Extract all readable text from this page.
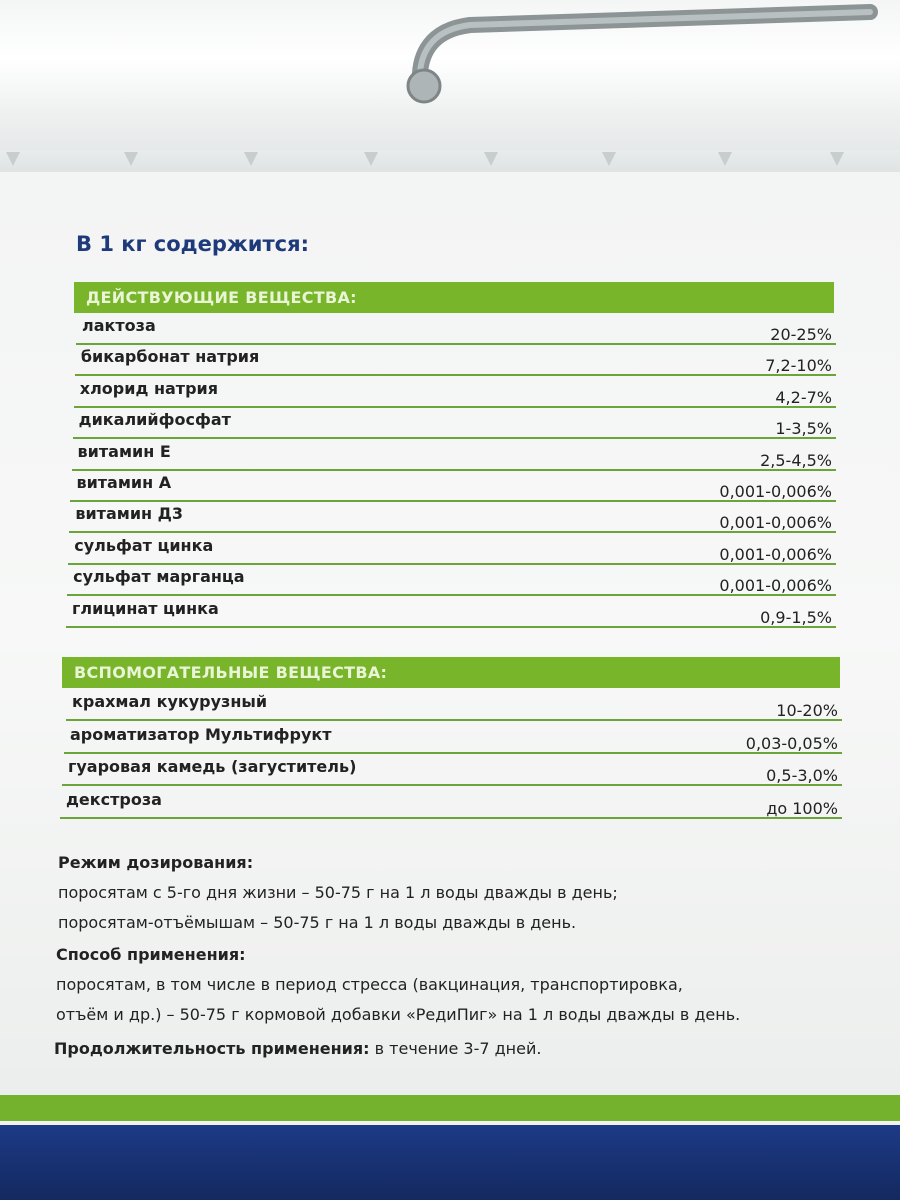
В 1 кг содержится:
ДЕЙСТВУЮЩИЕ ВЕЩЕСТВА:
лактоза	20-25%
бикарбонат натрия	7,2-10%
хлорид натрия	4,2-7%
дикалийфосфат	1-3,5%
витамин Е	2,5-4,5%
витамин А	0,001-0,006%
витамин Д3	0,001-0,006%
сульфат цинка	0,001-0,006%
сульфат марганца	0,001-0,006%
глицинат цинка	0,9-1,5%
ВСПОМОГАТЕЛЬНЫЕ ВЕЩЕСТВА:
крахмал кукурузный	10-20%
ароматизатор Мультифрукт	0,03-0,05%
гуаровая камедь (загуститель)	0,5-3,0%
декстроза	до 100%
Режим дозирования:
поросятам с 5-го дня жизни – 50-75 г на 1 л воды дважды в день;
поросятам-отъёмышам – 50-75 г на 1 л воды дважды в день.
Способ применения:
поросятам, в том числе в период стресса (вакцинация, транспортировка,
отъём и др.) – 50-75 г кормовой добавки «РедиПиг» на 1 л воды дважды в день.
Продолжительность применения: в течение 3-7 дней.
